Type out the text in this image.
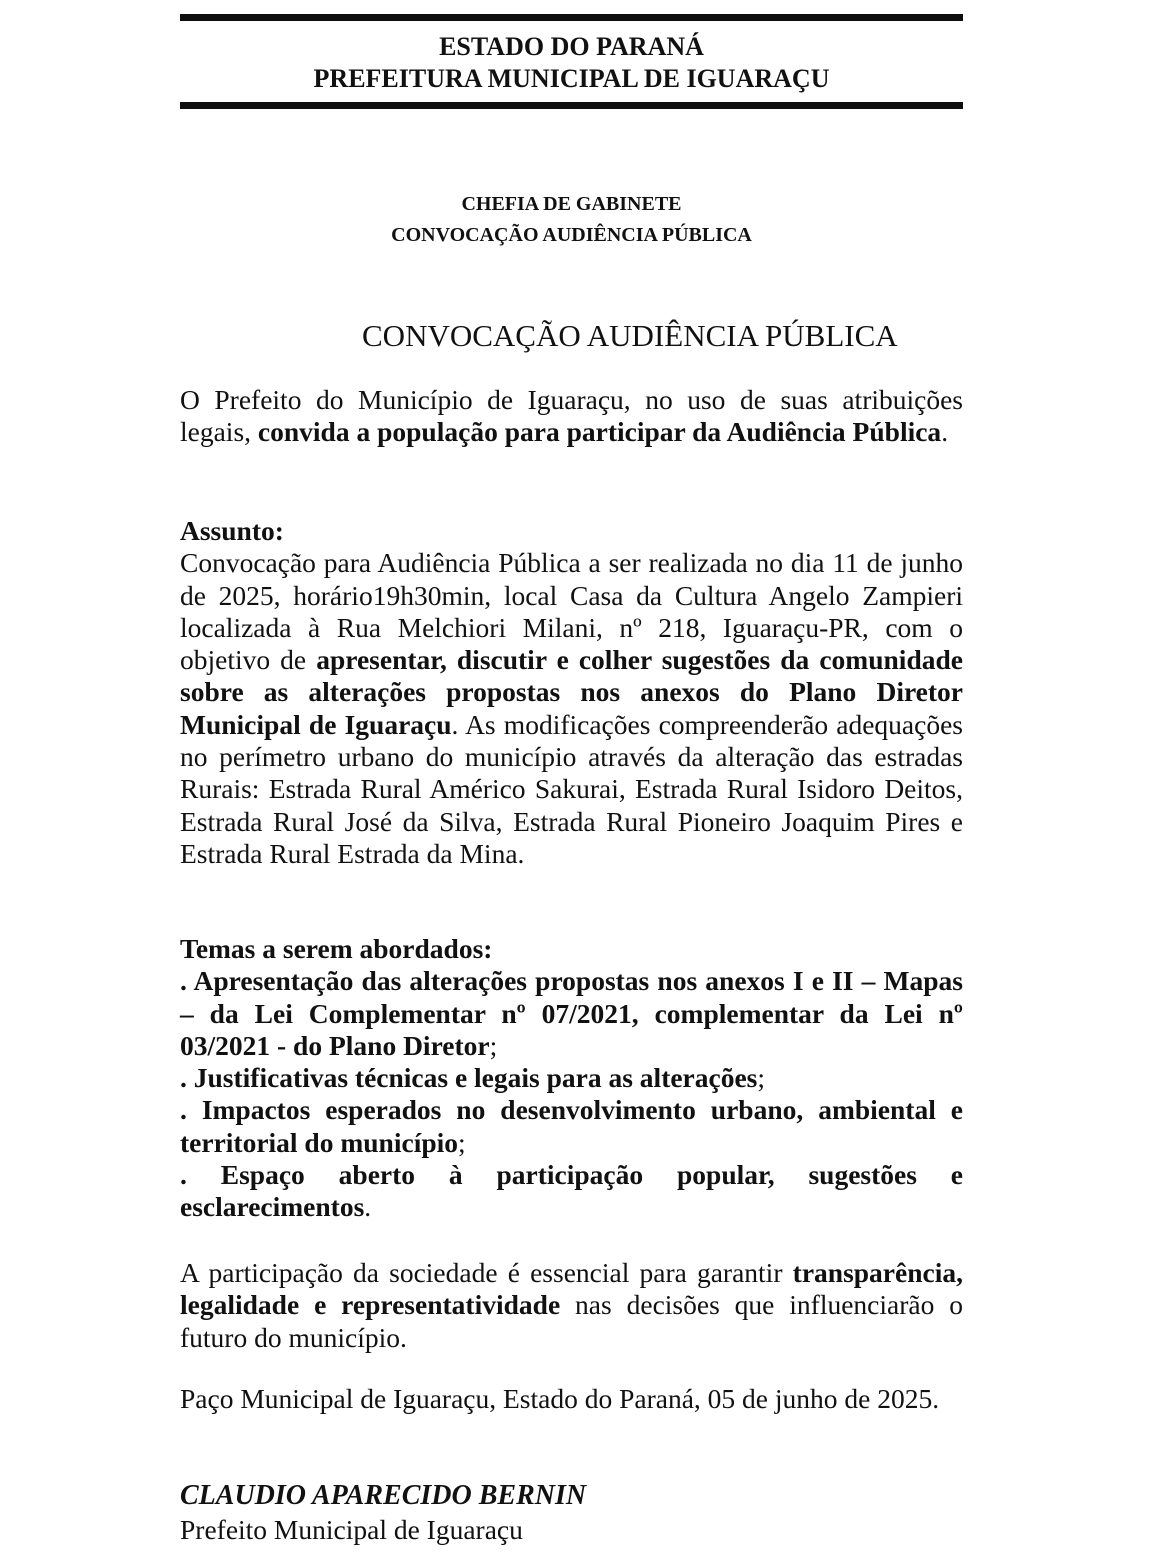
ESTADO DO PARANÁ
PREFEITURA MUNICIPAL DE IGUARAÇU
CHEFIA DE GABINETE
CONVOCAÇÃO AUDIÊNCIA PÚBLICA
CONVOCAÇÃO AUDIÊNCIA PÚBLICA
O Prefeito do Município de Iguaraçu, no uso de suas atribuições legais, convida a população para participar da Audiência Pública.
Assunto:
Convocação para Audiência Pública a ser realizada no dia 11 de junho de 2025, horário19h30min, local Casa da Cultura Angelo Zampieri localizada à Rua Melchiori Milani, nº 218, Iguaraçu-PR, com o objetivo de apresentar, discutir e colher sugestões da comunidade sobre as alterações propostas nos anexos do Plano Diretor Municipal de Iguaraçu. As modificações compreenderão adequações no perímetro urbano do município através da alteração das estradas Rurais: Estrada Rural Américo Sakurai, Estrada Rural Isidoro Deitos, Estrada Rural José da Silva, Estrada Rural Pioneiro Joaquim Pires e Estrada Rural Estrada da Mina.
Temas a serem abordados:
. Apresentação das alterações propostas nos anexos I e II – Mapas – da Lei Complementar nº 07/2021, complementar da Lei nº 03/2021 - do Plano Diretor;
. Justificativas técnicas e legais para as alterações;
. Impactos esperados no desenvolvimento urbano, ambiental e territorial do município;
. Espaço aberto à participação popular, sugestões e esclarecimentos.
A participação da sociedade é essencial para garantir transparência, legalidade e representatividade nas decisões que influenciarão o futuro do município.
Paço Municipal de Iguaraçu, Estado do Paraná, 05 de junho de 2025.
CLAUDIO APARECIDO BERNIN
Prefeito Municipal de Iguaraçu
